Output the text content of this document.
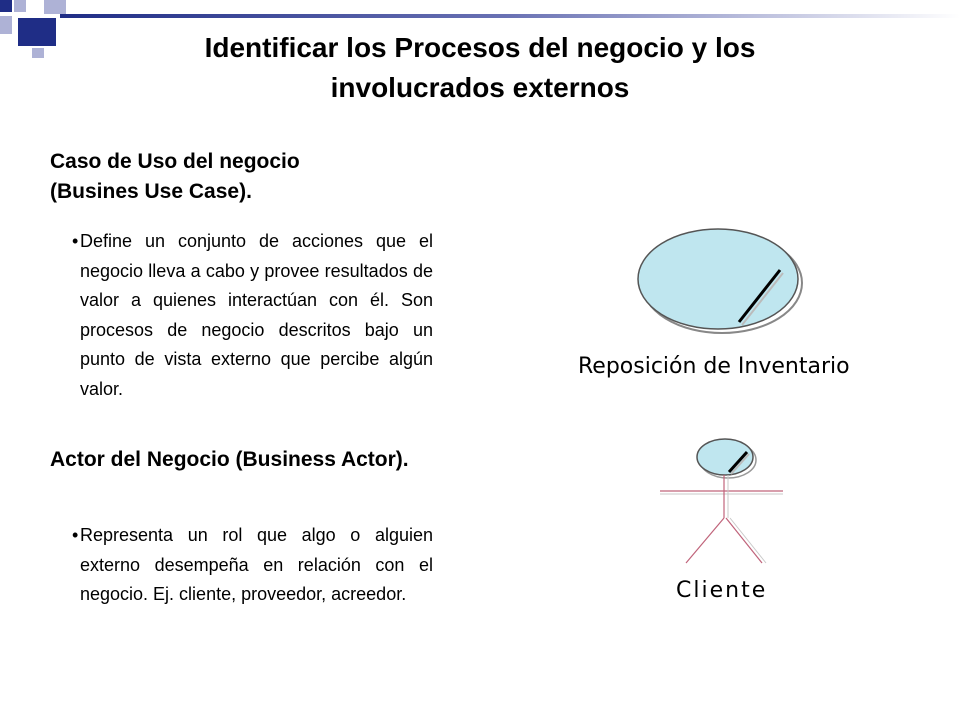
Identificar los Procesos del negocio y los
involucrados externos
Caso de Uso del negocio
(Busines Use Case).
• Define un conjunto de acciones que el negocio lleva a cabo y provee resultados de valor a quienes interactúan con él. Son procesos de negocio descritos bajo un punto de vista externo que percibe algún valor.
Actor del Negocio (Business Actor).
• Representa un rol que algo o alguien externo desempeña en relación con el negocio. Ej. cliente, proveedor, acreedor.
Reposición de Inventario
Cliente
